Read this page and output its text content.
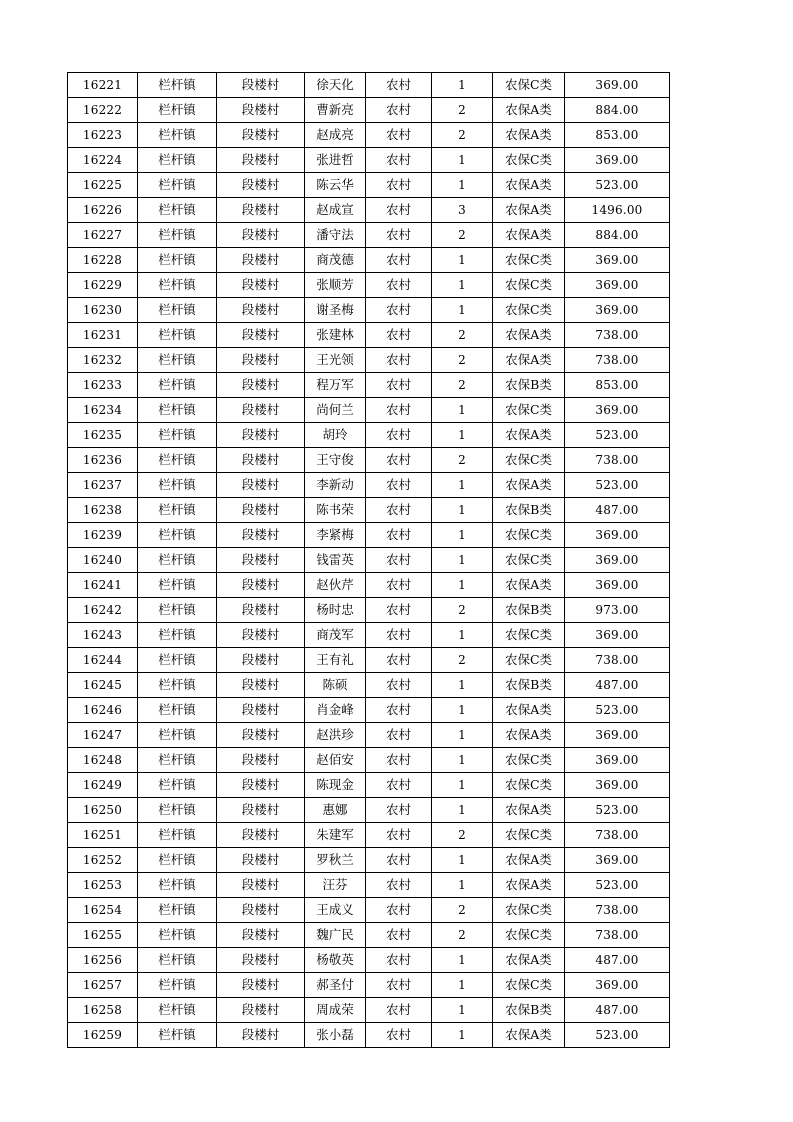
16221	栏杆镇	段楼村	徐天化	农村	1	农保C类	369.00
16222	栏杆镇	段楼村	曹新亮	农村	2	农保A类	884.00
16223	栏杆镇	段楼村	赵成亮	农村	2	农保A类	853.00
16224	栏杆镇	段楼村	张进哲	农村	1	农保C类	369.00
16225	栏杆镇	段楼村	陈云华	农村	1	农保A类	523.00
16226	栏杆镇	段楼村	赵成宣	农村	3	农保A类	1496.00
16227	栏杆镇	段楼村	潘守法	农村	2	农保A类	884.00
16228	栏杆镇	段楼村	商茂德	农村	1	农保C类	369.00
16229	栏杆镇	段楼村	张顺芳	农村	1	农保C类	369.00
16230	栏杆镇	段楼村	谢圣梅	农村	1	农保C类	369.00
16231	栏杆镇	段楼村	张建林	农村	2	农保A类	738.00
16232	栏杆镇	段楼村	王光领	农村	2	农保A类	738.00
16233	栏杆镇	段楼村	程万军	农村	2	农保B类	853.00
16234	栏杆镇	段楼村	尚何兰	农村	1	农保C类	369.00
16235	栏杆镇	段楼村	胡玲	农村	1	农保A类	523.00
16236	栏杆镇	段楼村	王守俊	农村	2	农保C类	738.00
16237	栏杆镇	段楼村	李新动	农村	1	农保A类	523.00
16238	栏杆镇	段楼村	陈书荣	农村	1	农保B类	487.00
16239	栏杆镇	段楼村	李紧梅	农村	1	农保C类	369.00
16240	栏杆镇	段楼村	钱雷英	农村	1	农保C类	369.00
16241	栏杆镇	段楼村	赵伙芹	农村	1	农保A类	369.00
16242	栏杆镇	段楼村	杨时忠	农村	2	农保B类	973.00
16243	栏杆镇	段楼村	商茂军	农村	1	农保C类	369.00
16244	栏杆镇	段楼村	王有礼	农村	2	农保C类	738.00
16245	栏杆镇	段楼村	陈硕	农村	1	农保B类	487.00
16246	栏杆镇	段楼村	肖金峰	农村	1	农保A类	523.00
16247	栏杆镇	段楼村	赵洪珍	农村	1	农保A类	369.00
16248	栏杆镇	段楼村	赵佰安	农村	1	农保C类	369.00
16249	栏杆镇	段楼村	陈现金	农村	1	农保C类	369.00
16250	栏杆镇	段楼村	惠娜	农村	1	农保A类	523.00
16251	栏杆镇	段楼村	朱建军	农村	2	农保C类	738.00
16252	栏杆镇	段楼村	罗秋兰	农村	1	农保A类	369.00
16253	栏杆镇	段楼村	汪芬	农村	1	农保A类	523.00
16254	栏杆镇	段楼村	王成义	农村	2	农保C类	738.00
16255	栏杆镇	段楼村	魏广民	农村	2	农保C类	738.00
16256	栏杆镇	段楼村	杨敬英	农村	1	农保A类	487.00
16257	栏杆镇	段楼村	郝圣付	农村	1	农保C类	369.00
16258	栏杆镇	段楼村	周成荣	农村	1	农保B类	487.00
16259	栏杆镇	段楼村	张小磊	农村	1	农保A类	523.00
